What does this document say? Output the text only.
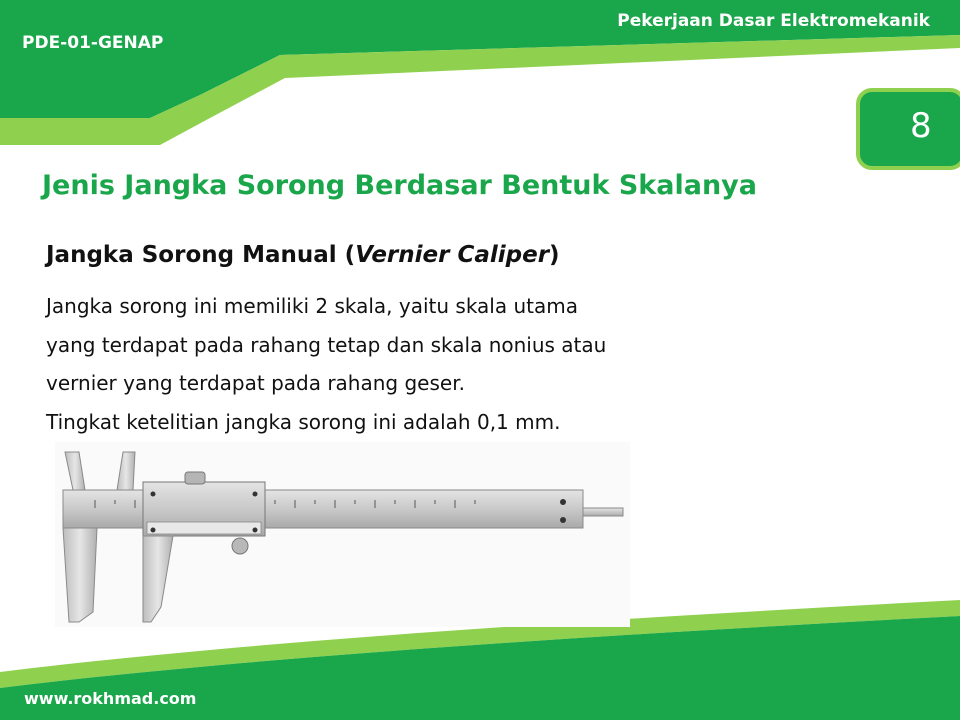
PDE-01-GENAP
Pekerjaan Dasar Elektromekanik
8
Jenis Jangka Sorong Berdasar Bentuk Skalanya
Jangka Sorong Manual (Vernier Caliper)

Jangka sorong ini memiliki 2 skala, yaitu skala utama

yang terdapat pada rahang tetap dan skala nonius atau

vernier yang terdapat pada rahang geser.

Tingkat ketelitian jangka sorong ini adalah 0,1 mm.

www.rokhmad.com
